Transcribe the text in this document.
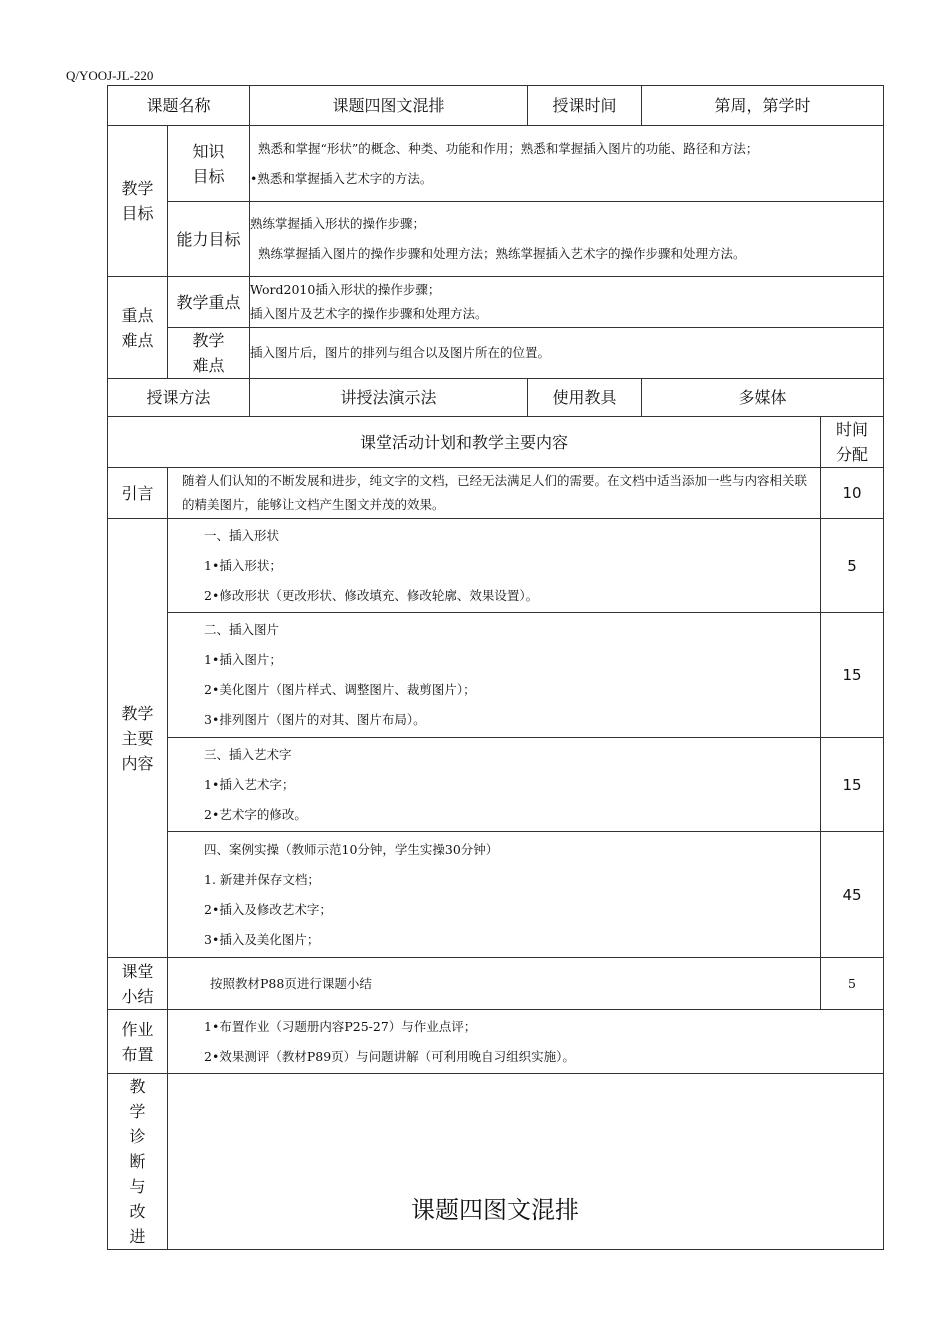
Q/YOOJ-JL-220
课题名称		课题四图文混排	授课时间	第周，第学时	

教学目标	知识目标	熟悉和掌握“形状”的概念、种类、功能和作用；熟悉和掌握插入图片的功能、路径和方法；
•熟悉和掌握插入艺术字的方法。			

	能力目标	熟练掌握插入形状的操作步骤；
熟练掌握插入图片的操作步骤和处理方法；熟练掌握插入艺术字的操作步骤和处理方法。			

重点难点	教学重点	Word2010插入形状的操作步骤；
插入图片及艺术字的操作步骤和处理方法。			

	教学难点	插入图片后，图片的排列与组合以及图片所在的位置。			

授课方法		讲授法演示法	使用教具	多媒体	
课堂活动计划和教学主要内容					时间分配

引言	随着人们认知的不断发展和进步，纯文字的文档，已经无法满足人们的需要。在文档中适当添加一些与内容相关联的精美图片，能够让文档产生图文并茂的效果。				10

教学主要内容	一、插入形状
1•插入形状；
2•修改形状（更改形状、修改填充、修改轮廓、效果设置）。				5

	二、插入图片
1•插入图片；
2•美化图片（图片样式、调整图片、裁剪图片）；
3•排列图片（图片的对其、图片布局）。				15

	三、插入艺术字
1•插入艺术字；
2•艺术字的修改。				15

	四、案例实操（教师示范10分钟，学生实操30分钟）
1. 新建并保存文档；
2•插入及修改艺术字；
3•插入及美化图片；				45

课堂小结	按照教材P88页进行课题小结				5

作业布置	1•布置作业（习题册内容P25-27）与作业点评；
2•效果测评（教材P89页）与问题讲解（可利用晚自习组织实施）。				

教学诊断与改进					

课题四图文混排
